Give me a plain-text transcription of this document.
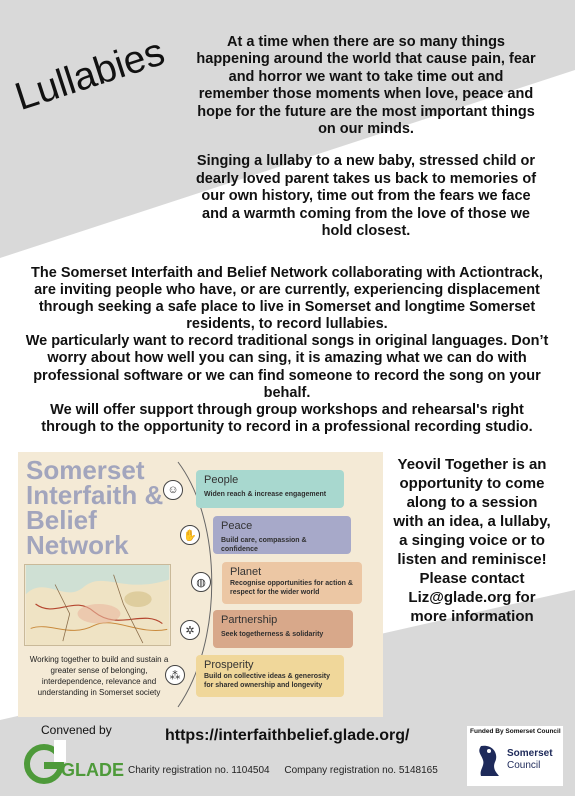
Lullabies	At a time when there are so many things happening around the world that cause pain, fear and horror we want to take time out and remember those moments when love, peace and hope for the future are the most important things on our minds.

Singing a lullaby to a new baby, stressed child or dearly loved parent takes us back to memories of our own history, time out from the fears we face and a warmth coming from the love of those we hold closest.

The Somerset Interfaith and Belief Network collaborating with Actiontrack, are inviting people who have, or are currently, experiencing displacement through seeking a safe place to live in Somerset and longtime Somerset residents, to record lullabies.

We particularly want to record traditional songs in original languages. Don’t worry about how well you can sing, it is amazing what we can do with professional software or we can find someone to record the song on your behalf.

We will offer support through group workshops and rehearsal's right through to the opportunity to record in a professional recording studio.

Somerset Interfaith & Belief Network
Working together to build and sustain a greater sense of belonging, interdependence, relevance and understanding in Somerset society
☺
People
Widen reach & increase engagement
✋
Peace
Build care, compassion & confidence
◍
Planet
Recognise opportunities for action & respect for the wider world
✲
Partnership
Seek togetherness & solidarity
⁂
Prosperity
Build on collective ideas & generosity for shared ownership and longevity
Yeovil Together is an opportunity to come along to a session with an idea, a lullaby, a singing voice or to listen and reminisce! Please contact Liz@glade.org for more information
Convened by
GLADE
https://interfaithbelief.glade.org/
Charity registration no. 1104504 Company registration no. 5148165
Funded By Somerset Council
Somerset
Council
